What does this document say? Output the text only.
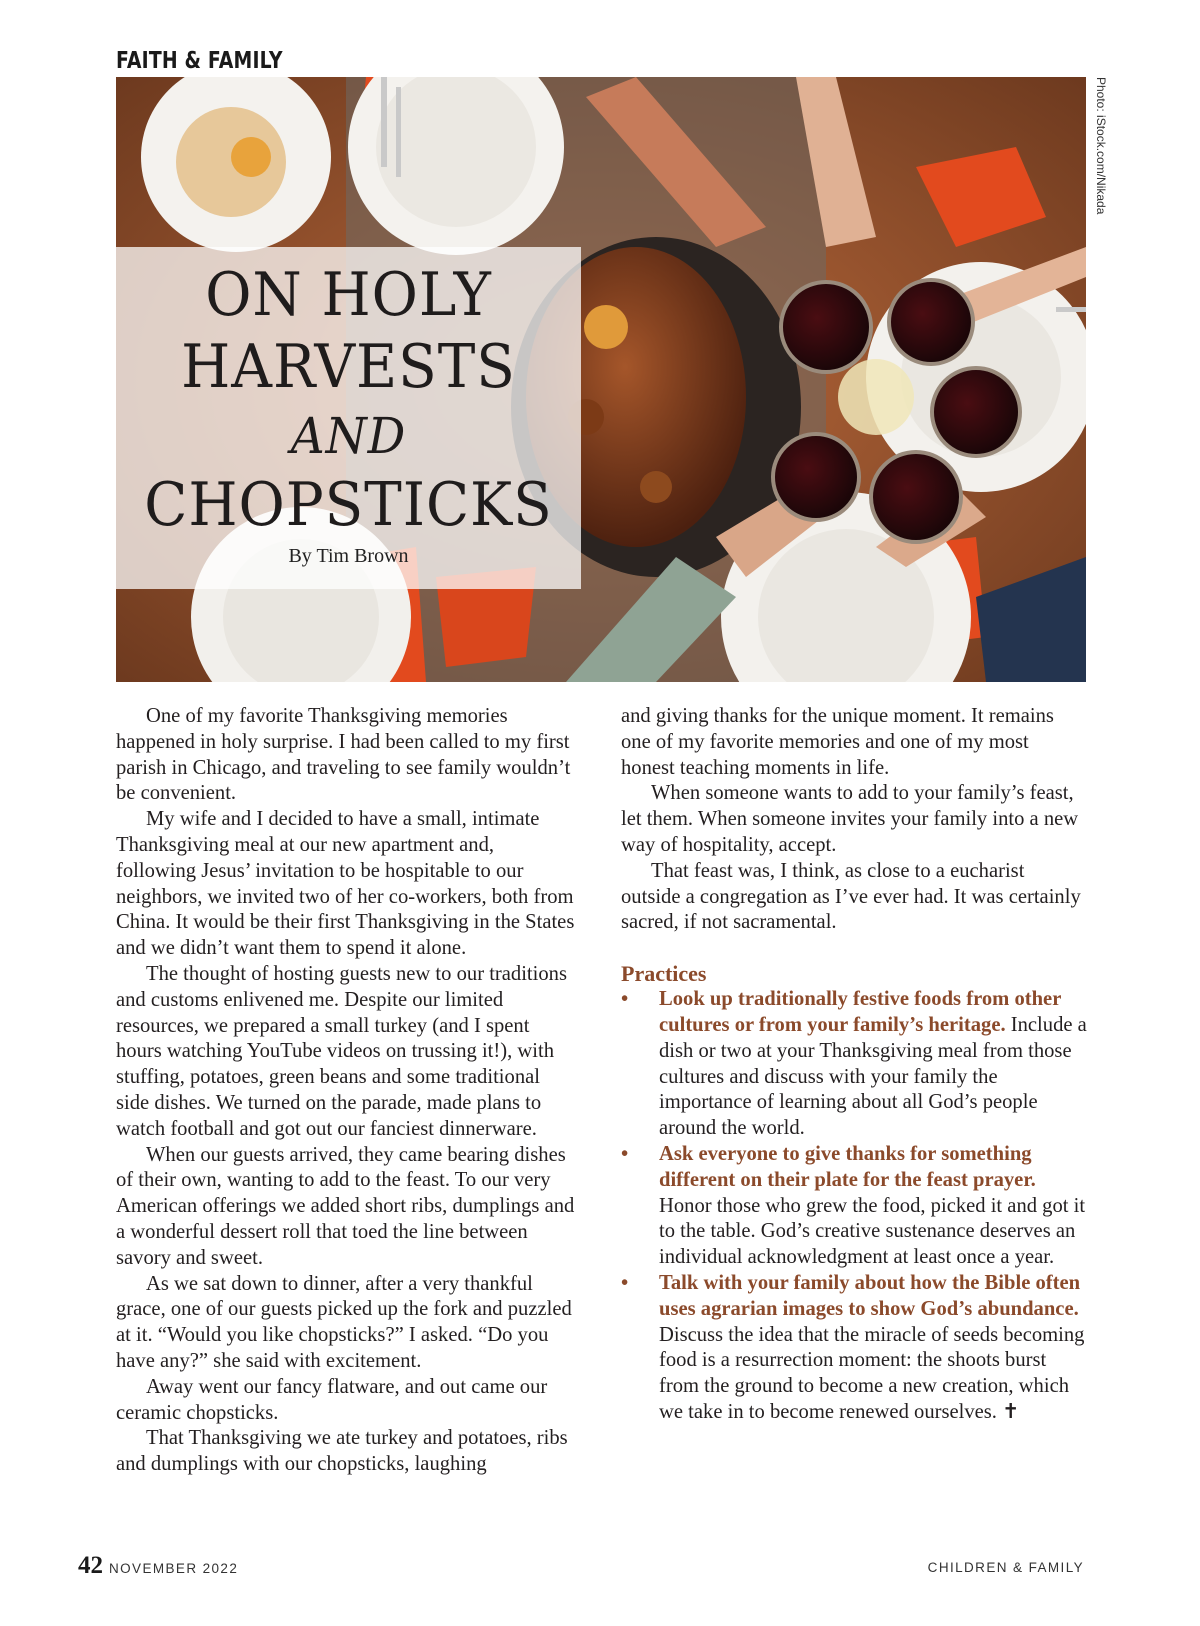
FAITH & FAMILY
Photo: iStock.com/Nikada
ON HOLY
HARVESTS
AND
CHOPSTICKS
By Tim Brown

One of my favorite Thanksgiving memories happened in holy surprise. I had been called to my first parish in Chicago, and traveling to see family wouldn’t be convenient.

My wife and I decided to have a small, intimate Thanksgiving meal at our new apartment and, following Jesus’ invitation to be hospitable to our neighbors, we invited two of her co-workers, both from China. It would be their first Thanksgiving in the States and we didn’t want them to spend it alone.

The thought of hosting guests new to our traditions and customs enlivened me. Despite our limited resources, we prepared a small turkey (and I spent hours watching YouTube videos on trussing it!), with stuffing, potatoes, green beans and some traditional side dishes. We turned on the parade, made plans to watch football and got out our fanciest dinnerware.

When our guests arrived, they came bearing dishes of their own, wanting to add to the feast. To our very American offerings we added short ribs, dumplings and a wonderful dessert roll that toed the line between savory and sweet.

As we sat down to dinner, after a very thankful grace, one of our guests picked up the fork and puzzled at it. “Would you like chopsticks?” I asked. “Do you have any?” she said with excitement.

Away went our fancy flatware, and out came our ceramic chopsticks.

That Thanksgiving we ate turkey and potatoes, ribs and dumplings with our chopsticks, laughing

and giving thanks for the unique moment. It remains one of my favorite memories and one of my most honest teaching moments in life.

When someone wants to add to your family’s feast, let them. When someone invites your family into a new way of hospitality, accept.

That feast was, I think, as close to a eucharist outside a congregation as I’ve ever had. It was certainly sacred, if not sacramental.

Practices
• Look up traditionally festive foods from other cultures or from your family’s heritage. Include a dish or two at your Thanksgiving meal from those cultures and discuss with your family the importance of learning about all God’s people around the world.
• Ask everyone to give thanks for something different on their plate for the feast prayer. Honor those who grew the food, picked it and got it to the table. God’s creative sustenance deserves an individual acknowledgment at least once a year.
• Talk with your family about how the Bible often uses agrarian images to show God’s abundance. Discuss the idea that the miracle of seeds becoming food is a resurrection moment: the shoots burst from the ground to become a new creation, which we take in to become renewed ourselves. ✝
42 NOVEMBER 2022	CHILDREN & FAMILY
